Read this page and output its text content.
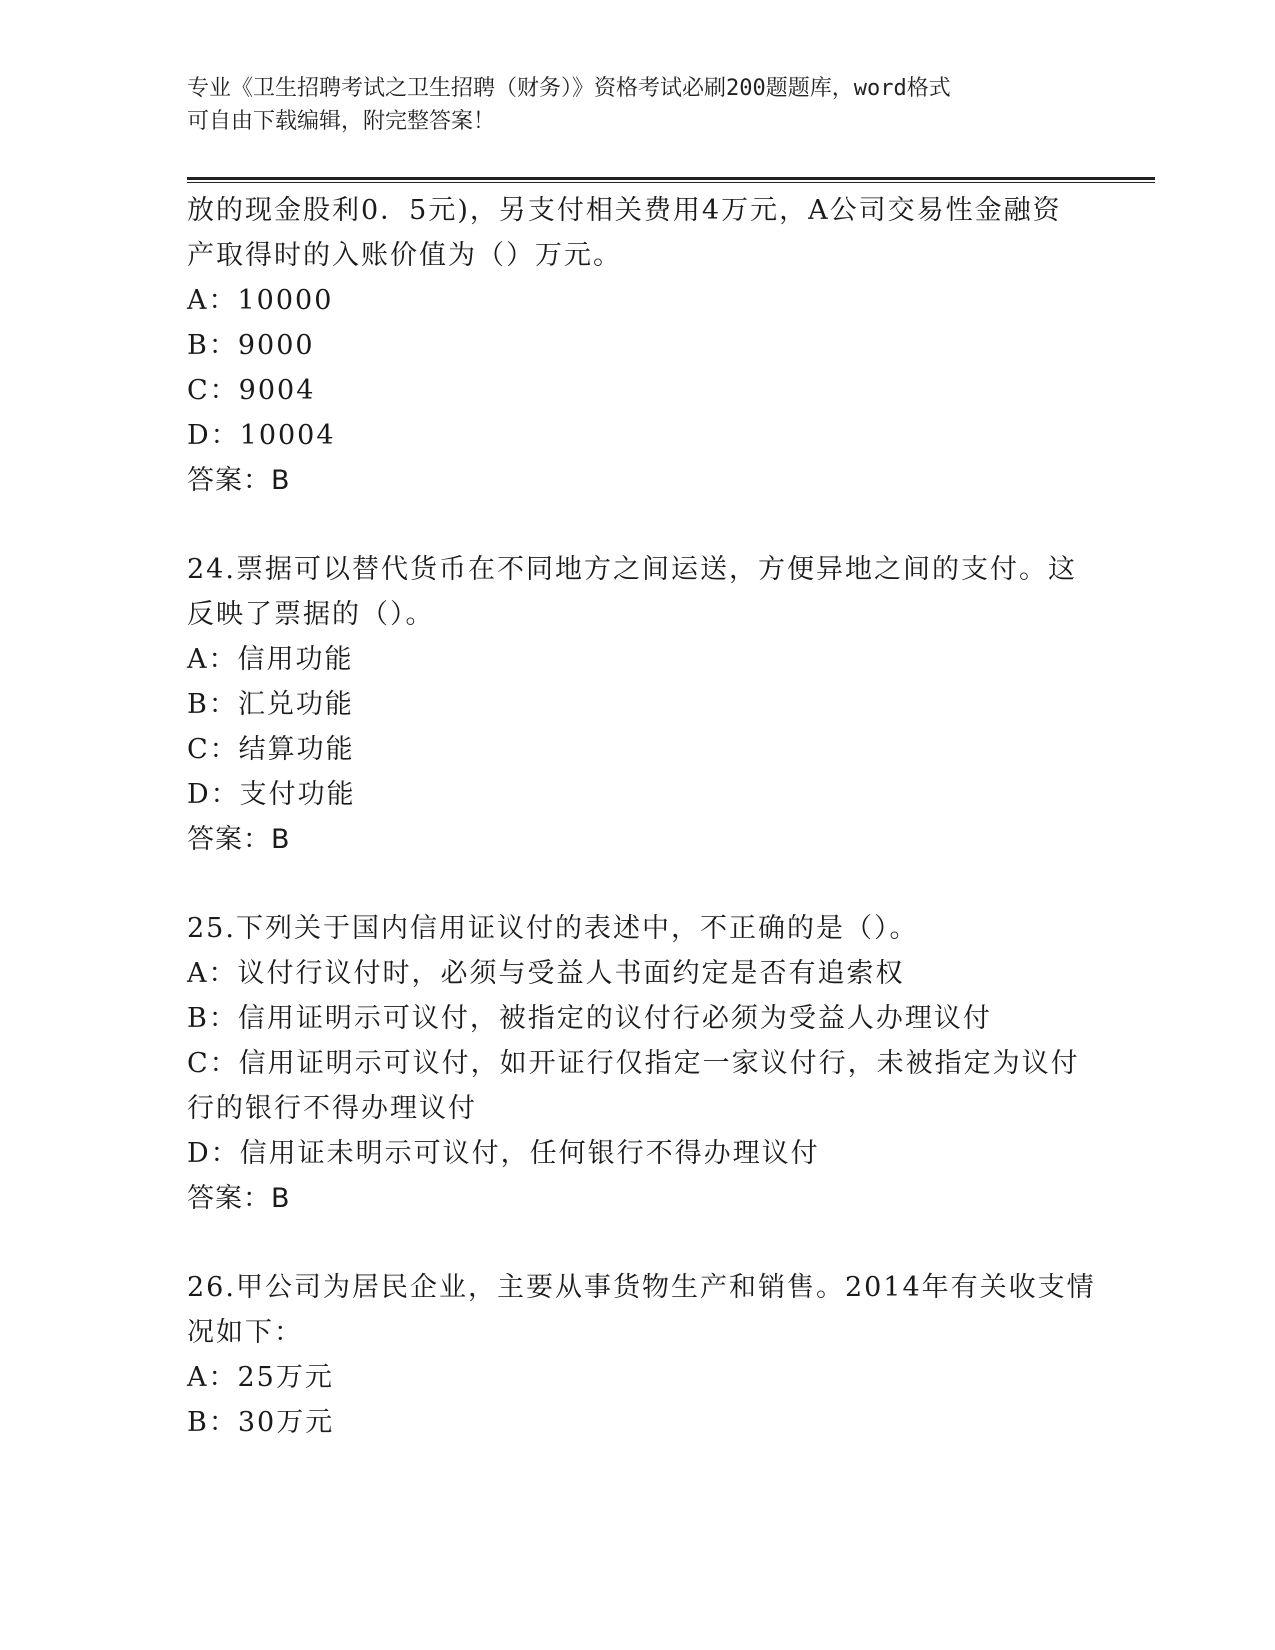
专业《卫生招聘考试之卫生招聘（财务）》资格考试必刷200题题库，word格式
可自由下载编辑，附完整答案！
放的现金股利0．5元)，另支付相关费用4万元，A公司交易性金融资
产取得时的入账价值为（）万元。
A：10000
B：9000
C：9004
D：10004
答案：B
24.票据可以替代货币在不同地方之间运送，方便异地之间的支付。这
反映了票据的（）。
A：信用功能
B：汇兑功能
C：结算功能
D：支付功能
答案：B
25.下列关于国内信用证议付的表述中，不正确的是（）。
A：议付行议付时，必须与受益人书面约定是否有追索权
B：信用证明示可议付，被指定的议付行必须为受益人办理议付
C：信用证明示可议付，如开证行仅指定一家议付行，未被指定为议付
行的银行不得办理议付
D：信用证未明示可议付，任何银行不得办理议付
答案：B
26.甲公司为居民企业，主要从事货物生产和销售。2014年有关收支情
况如下：
A：25万元
B：30万元
